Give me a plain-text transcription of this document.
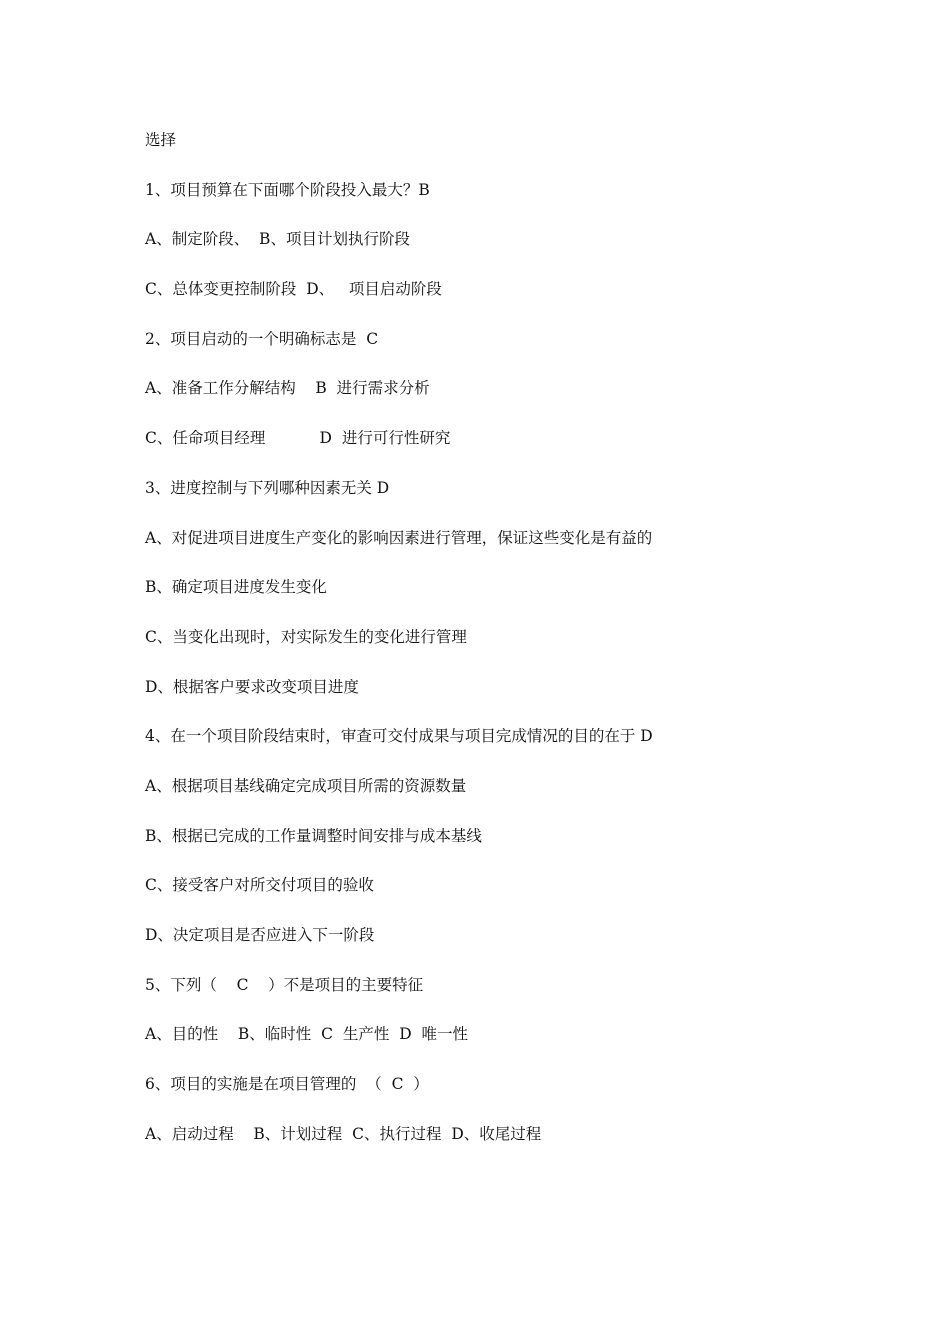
选择

1、项目预算在下面哪个阶段投入最大？B

A、制定阶段、  B、项目计划执行阶段

C、总体变更控制阶段  D、   项目启动阶段

2、项目启动的一个明确标志是  C

A、准备工作分解结构    B  进行需求分析

C、任命项目经理           D  进行可行性研究

3、进度控制与下列哪种因素无关 D

A、对促进项目进度生产变化的影响因素进行管理，保证这些变化是有益的

B、确定项目进度发生变化

C、当变化出现时，对实际发生的变化进行管理

D、根据客户要求改变项目进度

4、在一个项目阶段结束时，审查可交付成果与项目完成情况的目的在于 D

A、根据项目基线确定完成项目所需的资源数量

B、根据已完成的工作量调整时间安排与成本基线

C、接受客户对所交付项目的验收

D、决定项目是否应进入下一阶段

5、下列（    C    ）不是项目的主要特征

A、目的性    B、临时性  C  生产性  D  唯一性

6、项目的实施是在项目管理的  （  C  ）

A、启动过程    B、计划过程  C、执行过程  D、收尾过程
